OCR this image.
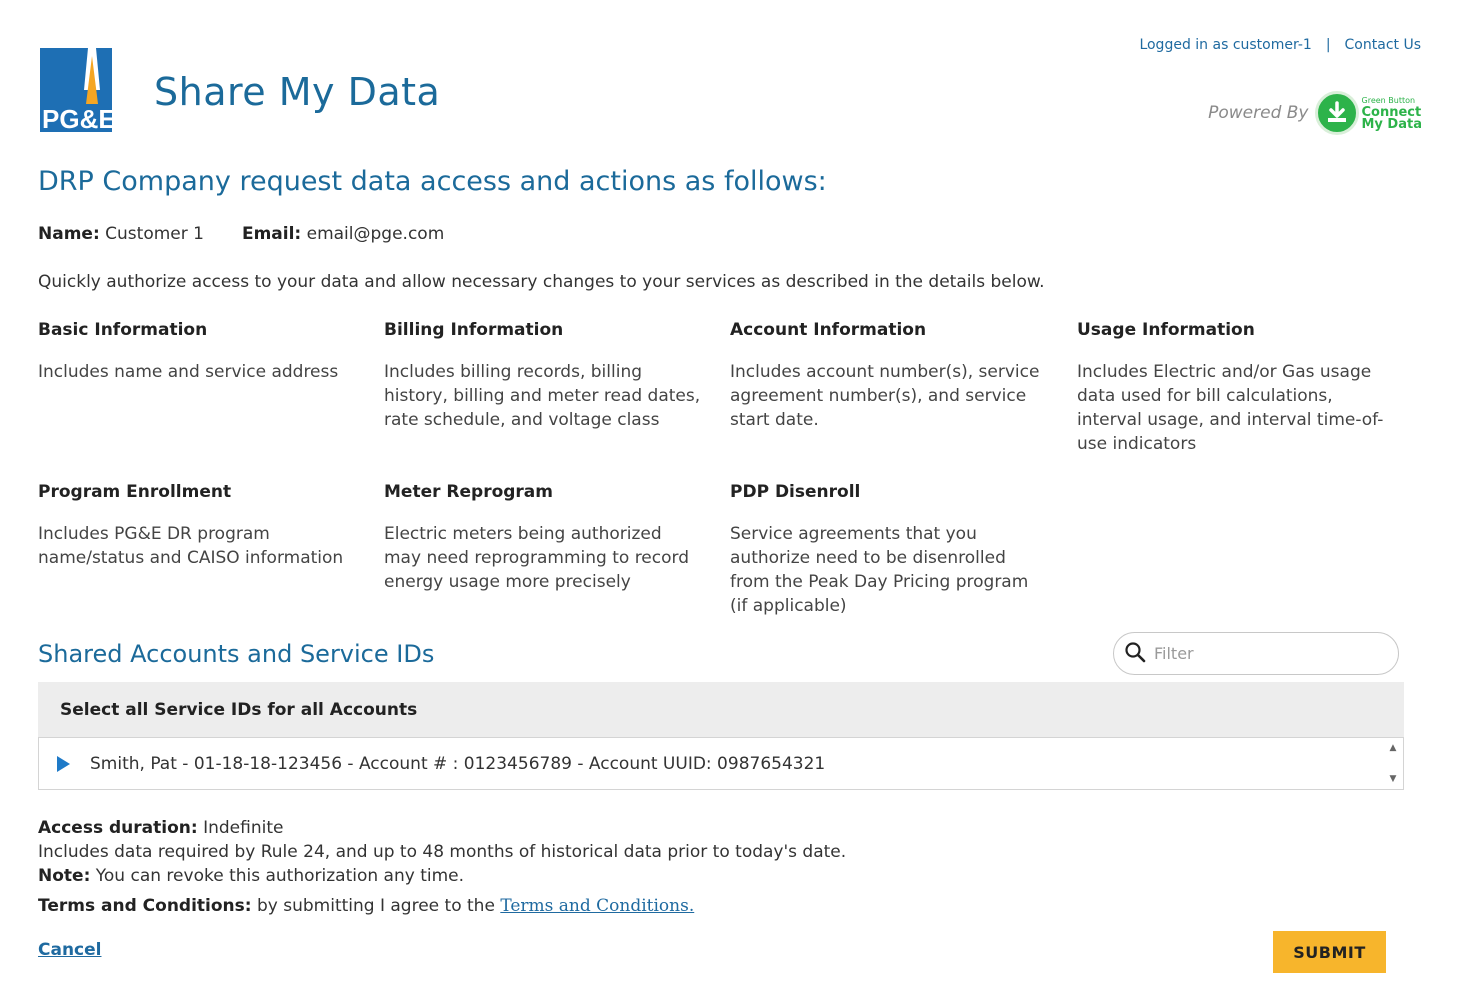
PG&E
Share My Data
Logged in as customer-1 | Contact Us
Powered By
Green Button
Connect
My Data
DRP Company request data access and actions as follows:
Name: Customer 1 Email: email@pge.com
Quickly authorize access to your data and allow necessary changes to your services as described in the details below.
Basic Information

Includes name and service address

Billing Information

Includes billing records, billing history, billing and meter read dates, rate schedule, and voltage class

Account Information

Includes account number(s), service agreement number(s), and service start date.

Usage Information

Includes Electric and/or Gas usage data used for bill calculations, interval usage, and interval time-of-use indicators

Program Enrollment

Includes PG&E DR program name/status and CAISO information

Meter Reprogram

Electric meters being authorized may need reprogramming to record energy usage more precisely

PDP Disenroll

Service agreements that you authorize need to be disenrolled from the Peak Day Pricing program (if applicable)

Shared Accounts and Service IDs
Filter
Select all Service IDs for all Accounts
Smith, Pat - 01-18-18-123456 - Account # : 0123456789 - Account UUID: 0987654321
▲
▼
Access duration: Indefinite
Includes data required by Rule 24, and up to 48 months of historical data prior to today's date.
Note: You can revoke this authorization any time.
Terms and Conditions: by submitting I agree to the Terms and Conditions.
Cancel	SUBMIT
